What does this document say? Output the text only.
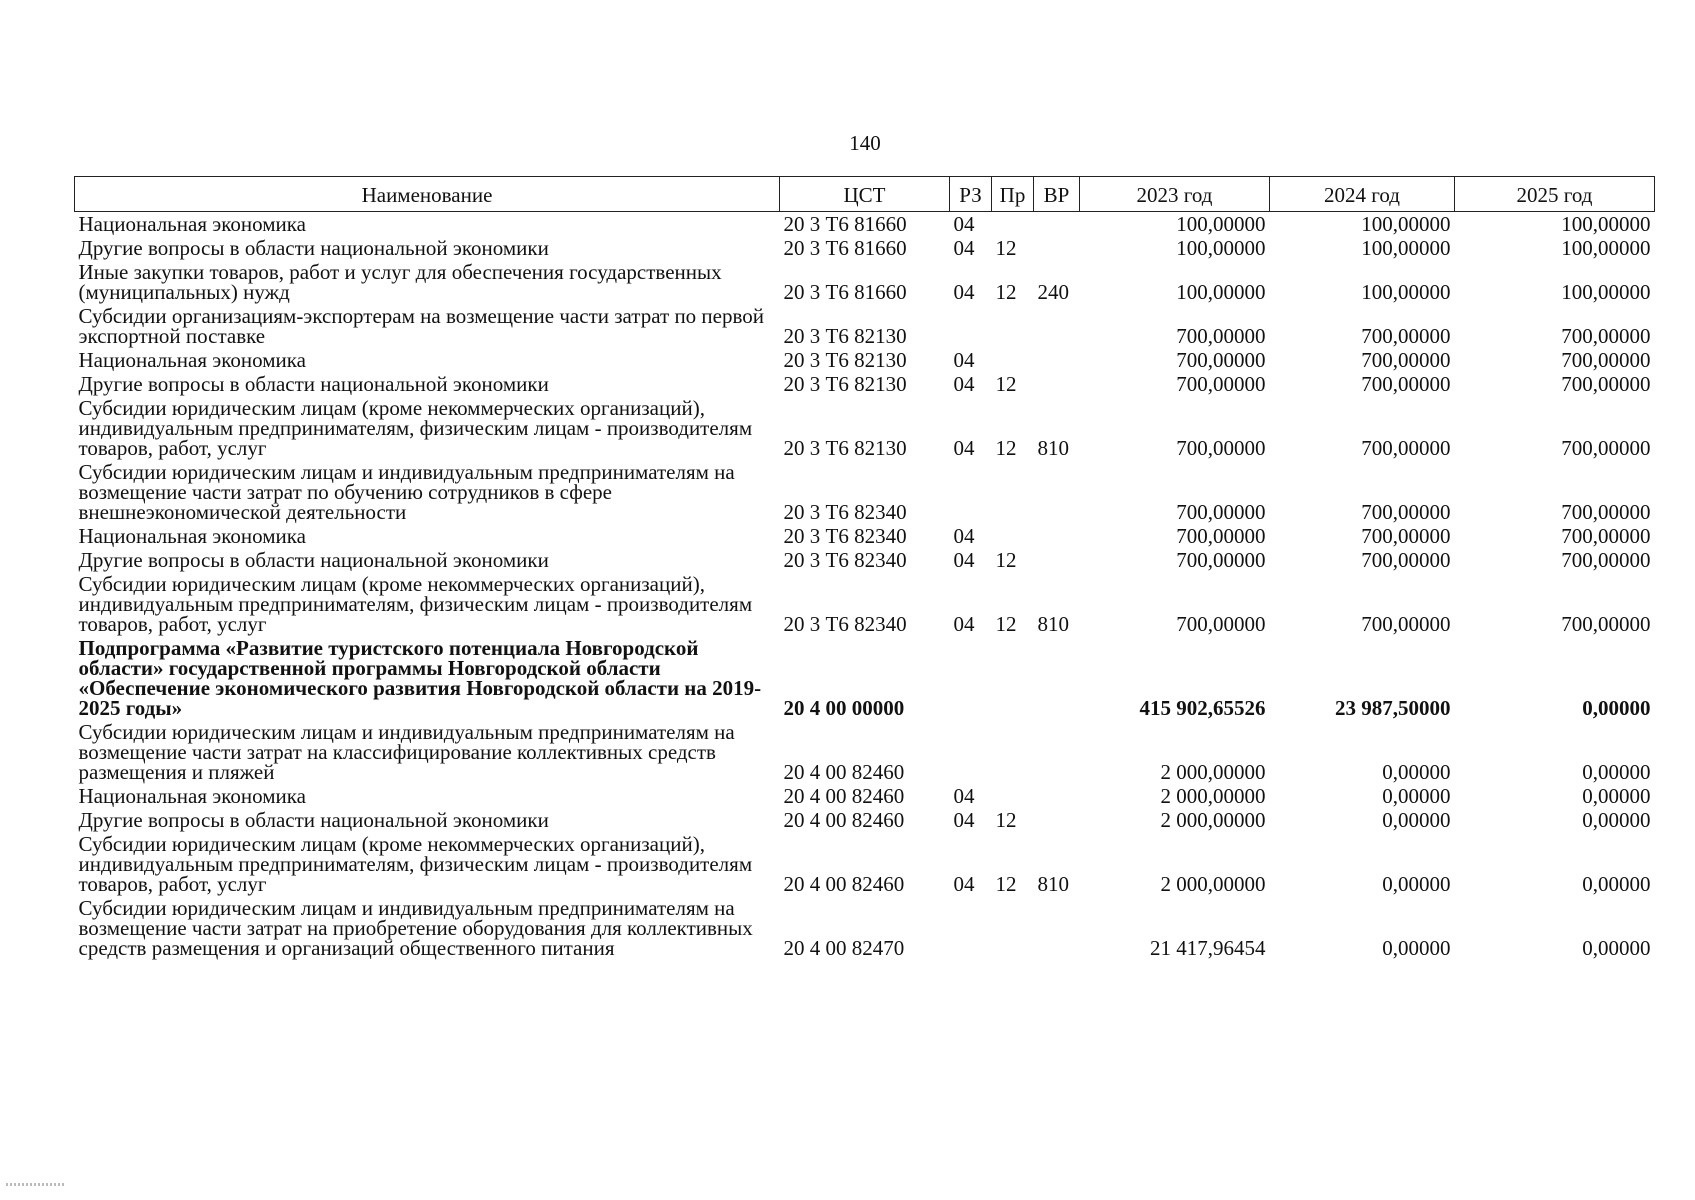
140
Наименование	ЦСТ	РЗ	Пр	ВР	2023 год	2024 год	2025 год
Национальная экономика	20 3 Т6 81660	04			100,00000	100,00000	100,00000
Другие вопросы в области национальной экономики	20 3 Т6 81660	04	12		100,00000	100,00000	100,00000
Иные закупки товаров, работ и услуг для обеспечения государственных (муниципальных) нужд	20 3 Т6 81660	04	12	240	100,00000	100,00000	100,00000
Субсидии организациям-экспортерам на возмещение части затрат по первой экспортной поставке	20 3 Т6 82130				700,00000	700,00000	700,00000
Национальная экономика	20 3 Т6 82130	04			700,00000	700,00000	700,00000
Другие вопросы в области национальной экономики	20 3 Т6 82130	04	12		700,00000	700,00000	700,00000
Субсидии юридическим лицам (кроме некоммерческих организаций), индивидуальным предпринимателям, физическим лицам - производителям товаров, работ, услуг	20 3 Т6 82130	04	12	810	700,00000	700,00000	700,00000
Субсидии юридическим лицам и индивидуальным предпринимателям на возмещение части затрат по обучению сотрудников в сфере внешнеэкономической деятельности	20 3 Т6 82340				700,00000	700,00000	700,00000
Национальная экономика	20 3 Т6 82340	04			700,00000	700,00000	700,00000
Другие вопросы в области национальной экономики	20 3 Т6 82340	04	12		700,00000	700,00000	700,00000
Субсидии юридическим лицам (кроме некоммерческих организаций), индивидуальным предпринимателям, физическим лицам - производителям товаров, работ, услуг	20 3 Т6 82340	04	12	810	700,00000	700,00000	700,00000
Подпрограмма «Развитие туристского потенциала Новгородской области» государственной программы Новгородской области «Обеспечение экономического развития Новгородской области на 2019-2025 годы»	20 4 00 00000				415 902,65526	23 987,50000	0,00000
Субсидии юридическим лицам и индивидуальным предпринимателям на возмещение части затрат на классифицирование коллективных средств размещения и пляжей	20 4 00 82460				2 000,00000	0,00000	0,00000
Национальная экономика	20 4 00 82460	04			2 000,00000	0,00000	0,00000
Другие вопросы в области национальной экономики	20 4 00 82460	04	12		2 000,00000	0,00000	0,00000
Субсидии юридическим лицам (кроме некоммерческих организаций), индивидуальным предпринимателям, физическим лицам - производителям товаров, работ, услуг	20 4 00 82460	04	12	810	2 000,00000	0,00000	0,00000
Субсидии юридическим лицам и индивидуальным предпринимателям на возмещение части затрат на приобретение оборудования для коллективных средств размещения и организаций общественного питания	20 4 00 82470				21 417,96454	0,00000	0,00000
